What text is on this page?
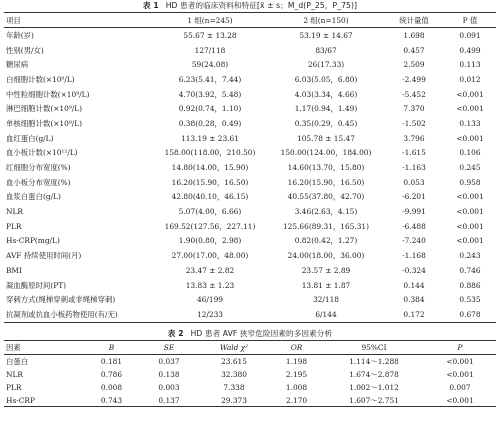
表 1 HD 患者的临床资料和特征[x̄ ± s；M_d(P_25，P_75)]
项目	1 组(n=245)	2 组(n=150)	统计量值	P 值
年龄(岁)	55.67 ± 13.28	53.19 ± 14.67	1.698	0.091
性别(男/女)	127/118	83/67	0.457	0.499
糖尿病	59(24.08)	26(17.33)	2.509	0.113
白细胞计数(×10⁹/L)	6.23(5.41，7.44)	6.03(5.05，6.80)	-2.499	0.012
中性粒细胞计数(×10⁹/L)	4.70(3.92，5.48)	4.03(3.34，4.66)	-5.452	<0.001
淋巴细胞计数(×10⁹/L)	0.92(0.74，1.10)	1.17(0.94，1.49)	7.370	<0.001
单核细胞计数(×10⁹/L)	0.38(0.28，0.49)	0.35(0.29，0.45)	-1.502	0.133
血红蛋白(g/L)	113.19 ± 23.61	105.78 ± 15.47	3.796	<0.001
血小板计数(×10¹²/L)	158.00(118.00，210.50)	150.00(124.00，184.00)	-1.615	0.106
红细胞分布宽度(%)	14.80(14.00，15.90)	14.60(13.70，15.80)	-1.163	0.245
血小板分布宽度(%)	16.20(15.90，16.50)	16.20(15.90，16.50)	0.053	0.958
血浆白蛋白(g/L)	42.80(40.10，46.15)	40.55(37.80，42.70)	-6.201	<0.001
NLR	5.07(4.00，6.66)	3.46(2.63，4.15)	-9.991	<0.001
PLR	169.52(127.56，227.11)	125.66(89.31，165.31)	-6.488	<0.001
Hs-CRP(mg/L)	1.90(0.80，2.98)	0.82(0.42，1.27)	-7.240	<0.001
AVF 持续使用时间(月)	27.00(17.00，48.00)	24.00(18.00，36.00)	-1.168	0.243
BMI	23.47 ± 2.82	23.57 ± 2.89	-0.324	0.746
凝血酶原时间(PT)	13.83 ± 1.23	13.81 ± 1.87	0.144	0.886
穿刺方式(绳梯穿刺或非绳梯穿刺)	46/199	32/118	0.384	0.535
抗凝剂或抗血小板药物使用(有/无)	12/233	6/144	0.172	0.678
表 2 HD 患者 AVF 狭窄危险因素的多因素分析
因素	B	SE	Wald χ²	OR	95%CI	P
白蛋白	0.181	0.037	23.615	1.198	1.114～1.288	<0.001
NLR	0.786	0.138	32.380	2.195	1.674～2.878	<0.001
PLR	0.008	0.003	7.338	1.008	1.002～1.012	0.007
Hs-CRP	0.743	0.137	29.373	2.170	1.607～2.751	<0.001
